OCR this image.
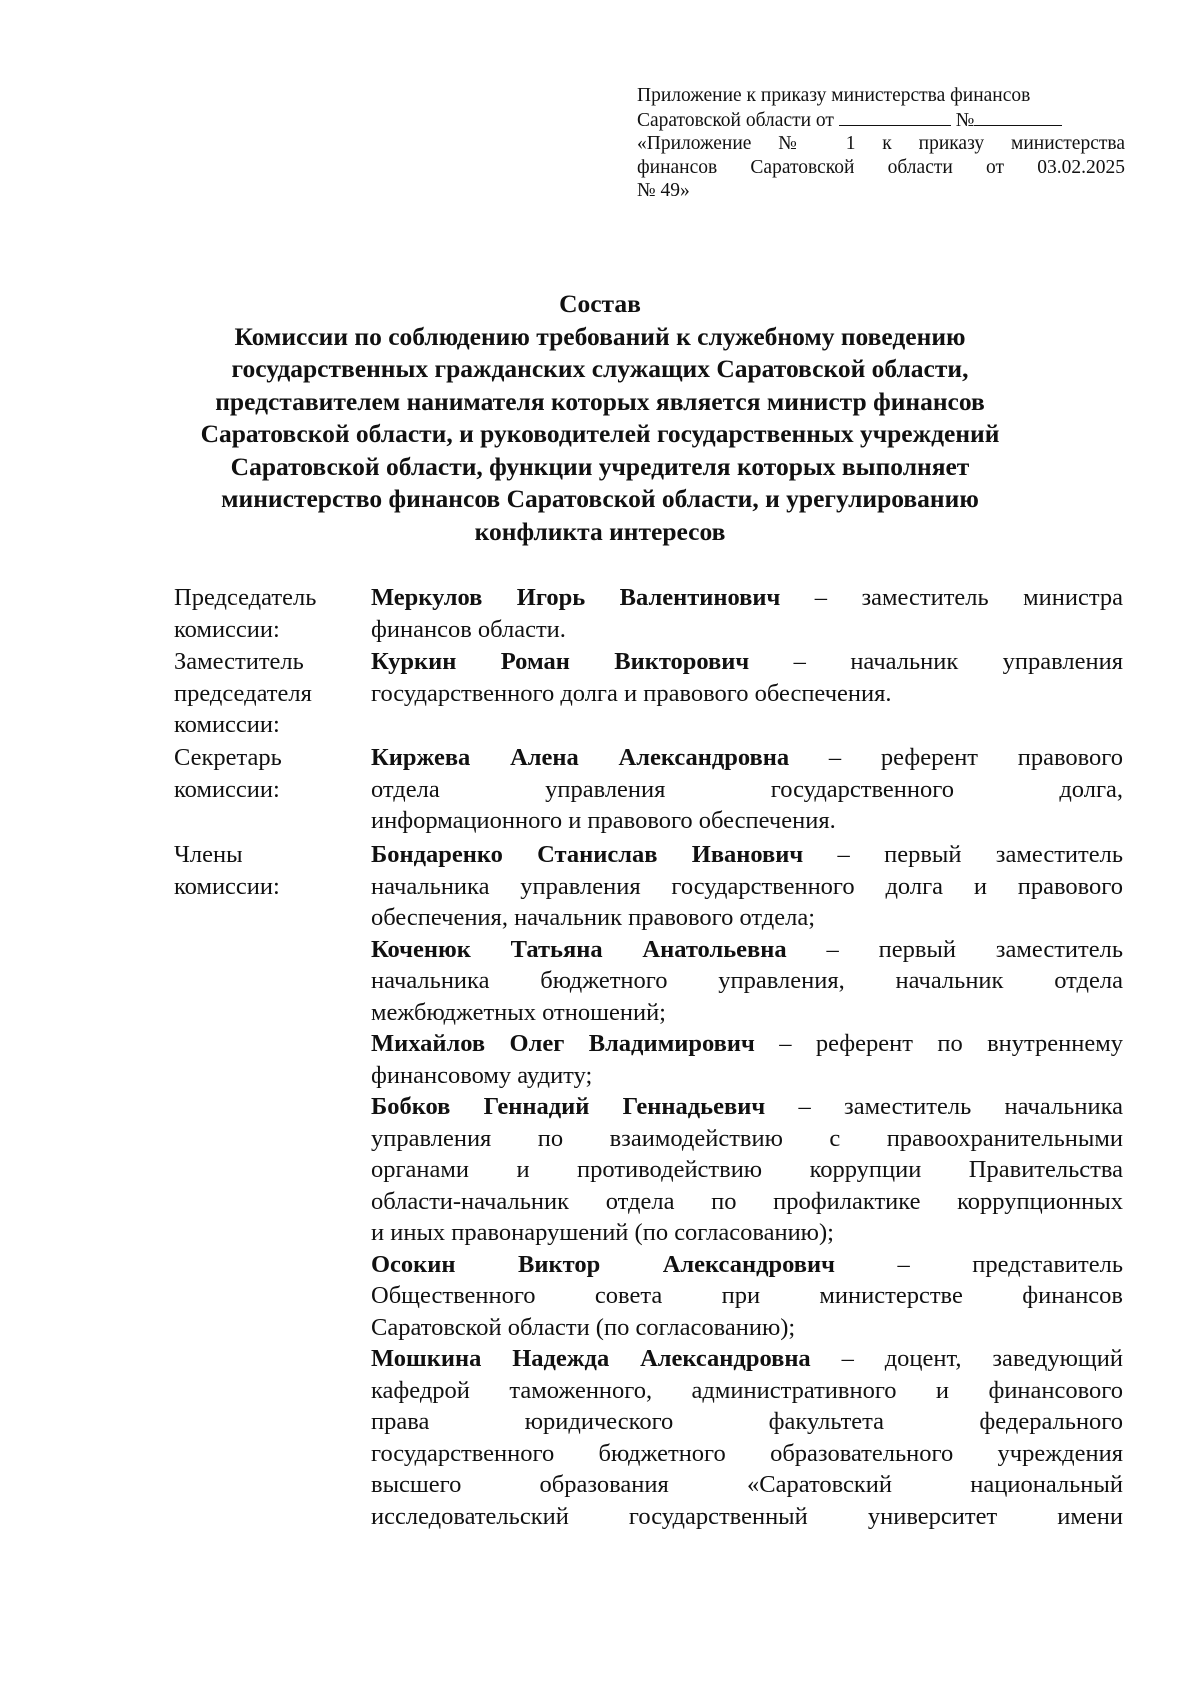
Приложение к приказу министерства финансов
Саратовской области от	№
«Приложение № 1 к приказу министерства
финансов Саратовской области от 03.02.2025
№ 49»
Состав
Комиссии по соблюдению требований к служебному поведению
государственных гражданских служащих Саратовской области,
представителем нанимателя которых является министр финансов
Саратовской области, и руководителей государственных учреждений
Саратовской области, функции учредителя которых выполняет
министерство финансов Саратовской области, и урегулированию
конфликта интересов
Председатель
комиссии:
Меркулов Игорь Валентинович – заместитель министра
финансов области.
Заместитель
председателя
комиссии:
Куркин Роман Викторович – начальник управления
государственного долга и правового обеспечения.
Секретарь
комиссии:
Киржева Алена Александровна – референт правового
отдела управления государственного долга,
информационного и правового обеспечения.
Члены
комиссии:
Бондаренко Станислав Иванович – первый заместитель
начальника управления государственного долга и правового
обеспечения, начальник правового отдела;
Коченюк Татьяна Анатольевна – первый заместитель
начальника бюджетного управления, начальник отдела
межбюджетных отношений;
Михайлов Олег Владимирович – референт по внутреннему
финансовому аудиту;
Бобков Геннадий Геннадьевич – заместитель начальника
управления по взаимодействию с правоохранительными
органами и противодействию коррупции Правительства
области-начальник отдела по профилактике коррупционных
и иных правонарушений (по согласованию);
Осокин Виктор Александрович	– представитель
Общественного совета при министерстве финансов
Саратовской области (по согласованию);
Мошкина Надежда Александровна – доцент, заведующий
кафедрой таможенного, административного и финансового
права юридического факультета федерального
государственного бюджетного образовательного учреждения
высшего образования «Саратовский национальный
исследовательский государственный университет имени
